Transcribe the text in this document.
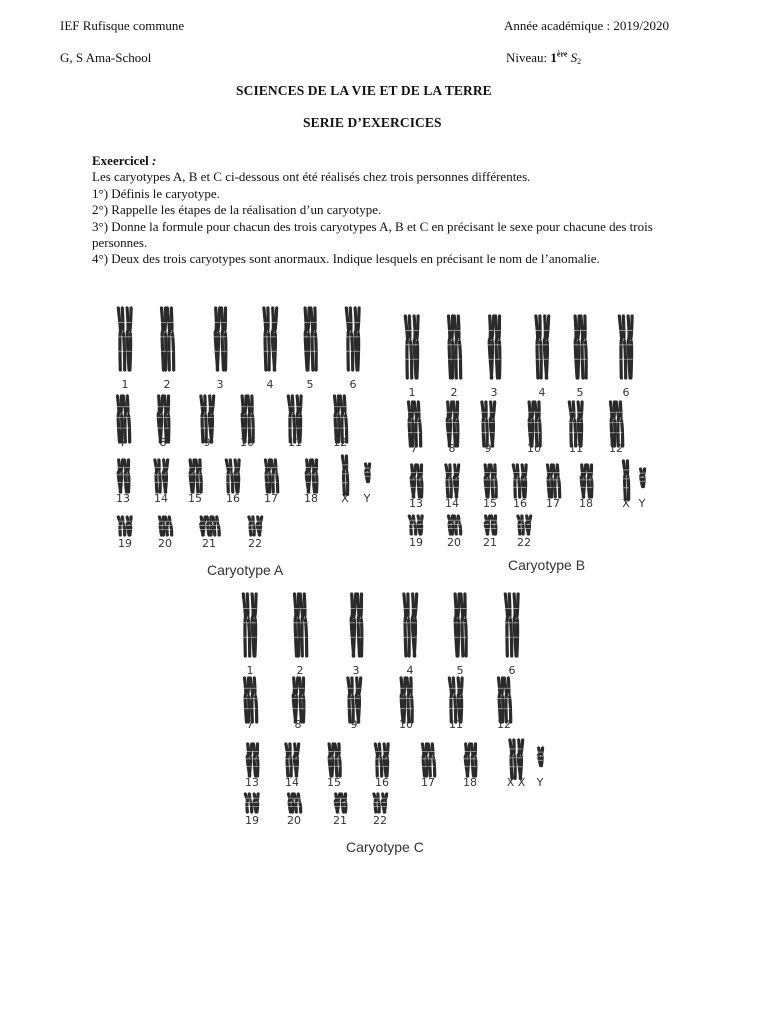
IEF Rufisque commune	Année académique : 2019/2020
G, S Ama-School	Niveau: 1ère $S_2$
SCIENCES DE LA VIE ET DE LA TERRE
SERIE D’EXERCICES

Exeercicel :

Les caryotypes A, B et C ci-dessous ont été réalisés chez trois personnes différentes.

1°) Définis le caryotype.

2°) Rappelle les étapes de la réalisation d’un caryotype.

3°) Donne la formule pour chacun des trois caryotypes A, B et C en précisant le sexe pour chacune des trois personnes.

4°) Deux des trois caryotypes sont anormaux. Indique lesquels en précisant le nom de l’anomalie.

1	2	3	4	5	6
7	8	9	10	11	12
13 14 15 16 17 18 X Y
19 20	21	22
Caryotype A
1	2	3	4	5	6
7	8	9	10	11 12
13 14 15 16 17 18	X Y
19 20 21 22
Caryotype B
1	2	3	4	5	6
7	8	9	10	11	12
13 14	15	16	17	18	X X Y
19	20	21 22
Caryotype C
